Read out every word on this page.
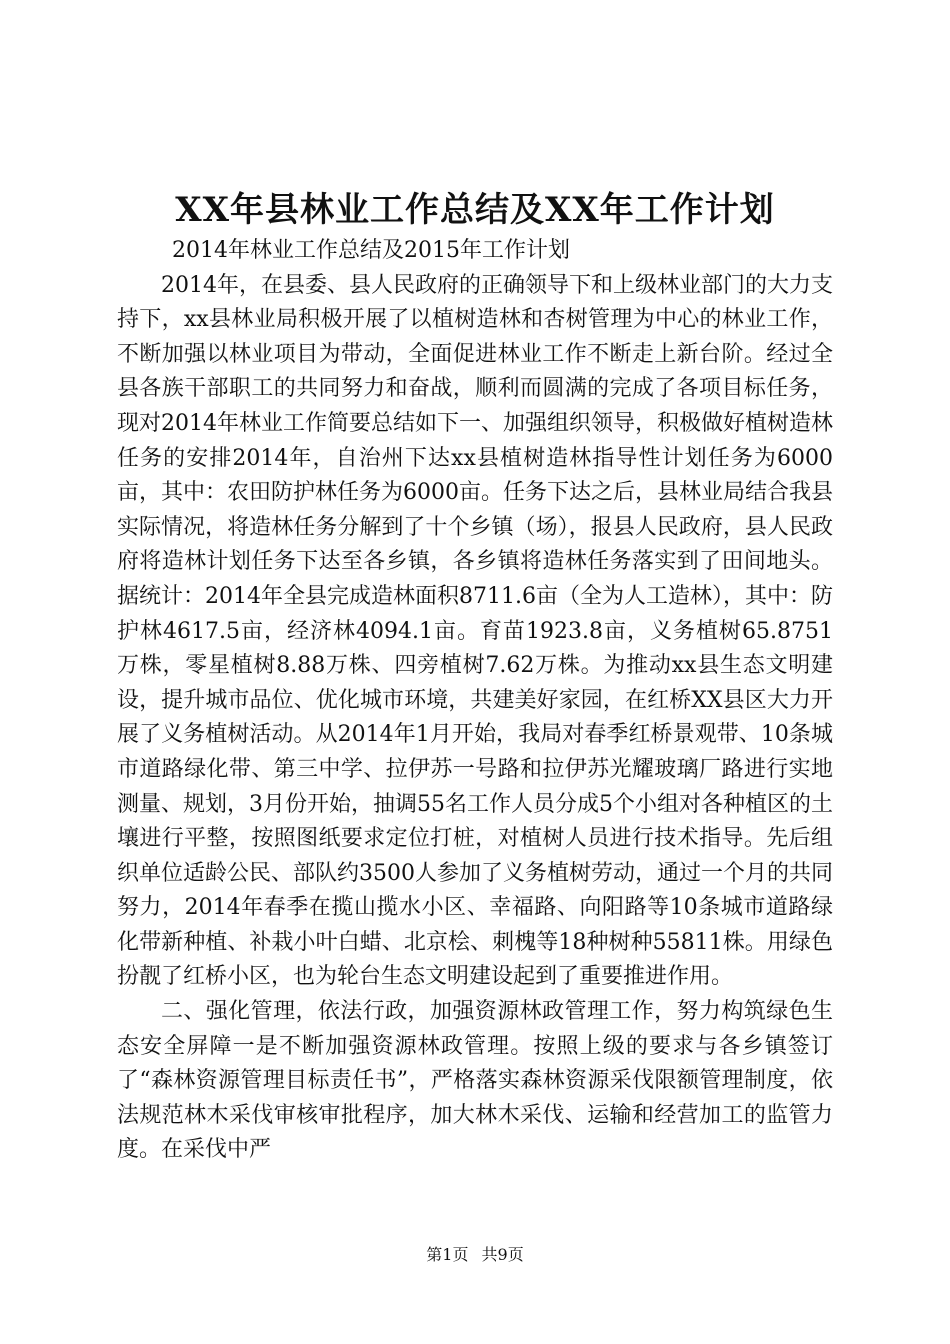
XX年县林业工作总结及XX年工作计划

2014年林业工作总结及2015年工作计划

2014年，在县委、县人民政府的正确领导下和上级林业部门的大力支持下，xx县林业局积极开展了以植树造林和杏树管理为中心的林业工作，不断加强以林业项目为带动，全面促进林业工作不断走上新台阶。经过全县各族干部职工的共同努力和奋战，顺利而圆满的完成了各项目标任务，现对2014年林业工作简要总结如下一、加强组织领导，积极做好植树造林任务的安排2014年，自治州下达xx县植树造林指导性计划任务为6000亩，其中：农田防护林任务为6000亩。任务下达之后，县林业局结合我县实际情况，将造林任务分解到了十个乡镇（场），报县人民政府，县人民政府将造林计划任务下达至各乡镇，各乡镇将造林任务落实到了田间地头。据统计：2014年全县完成造林面积8711.6亩（全为人工造林），其中：防护林4617.5亩，经济林4094.1亩。育苗1923.8亩，义务植树65.8751万株，零星植树8.88万株、四旁植树7.62万株。为推动xx县生态文明建设，提升城市品位、优化城市环境，共建美好家园，在红桥XX县区大力开展了义务植树活动。从2014年1月开始，我局对春季红桥景观带、10条城市道路绿化带、第三中学、拉伊苏一号路和拉伊苏光耀玻璃厂路进行实地测量、规划，3月份开始，抽调55名工作人员分成5个小组对各种植区的土壤进行平整，按照图纸要求定位打桩，对植树人员进行技术指导。先后组织单位适龄公民、部队约3500人参加了义务植树劳动，通过一个月的共同努力，2014年春季在揽山揽水小区、幸福路、向阳路等10条城市道路绿化带新种植、补栽小叶白蜡、北京桧、刺槐等18种树种55811株。用绿色扮靓了红桥小区，也为轮台生态文明建设起到了重要推进作用。

二、强化管理，依法行政，加强资源林政管理工作，努力构筑绿色生态安全屏障一是不断加强资源林政管理。按照上级的要求与各乡镇签订了“森林资源管理目标责任书”，严格落实森林资源采伐限额管理制度，依法规范林木采伐审核审批程序，加大林木采伐、运输和经营加工的监管力度。在采伐中严

第1页 共9页
